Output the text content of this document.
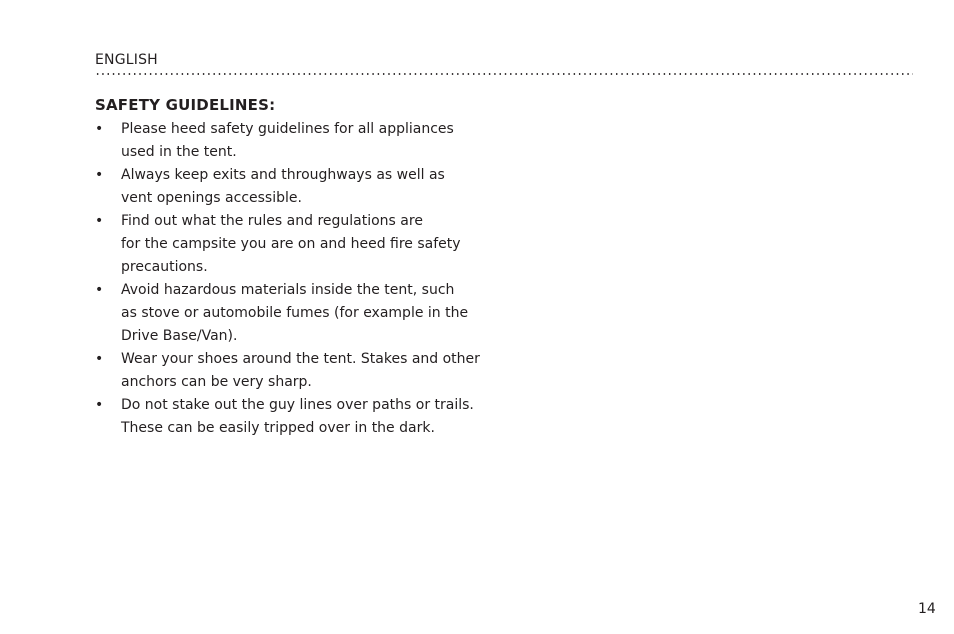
ENGLISH
SAFETY GUIDELINES:
• Please heed safety guidelines for all appliances
used in the tent.
• Always keep exits and throughways as well as
vent openings accessible.
• Find out what the rules and regulations are
for the campsite you are on and heed fire safety
precautions.
• Avoid hazardous materials inside the tent, such
as stove or automobile fumes (for example in the
Drive Base/Van).
• Wear your shoes around the tent. Stakes and other
anchors can be very sharp.
• Do not stake out the guy lines over paths or trails.
These can be easily tripped over in the dark.
14
